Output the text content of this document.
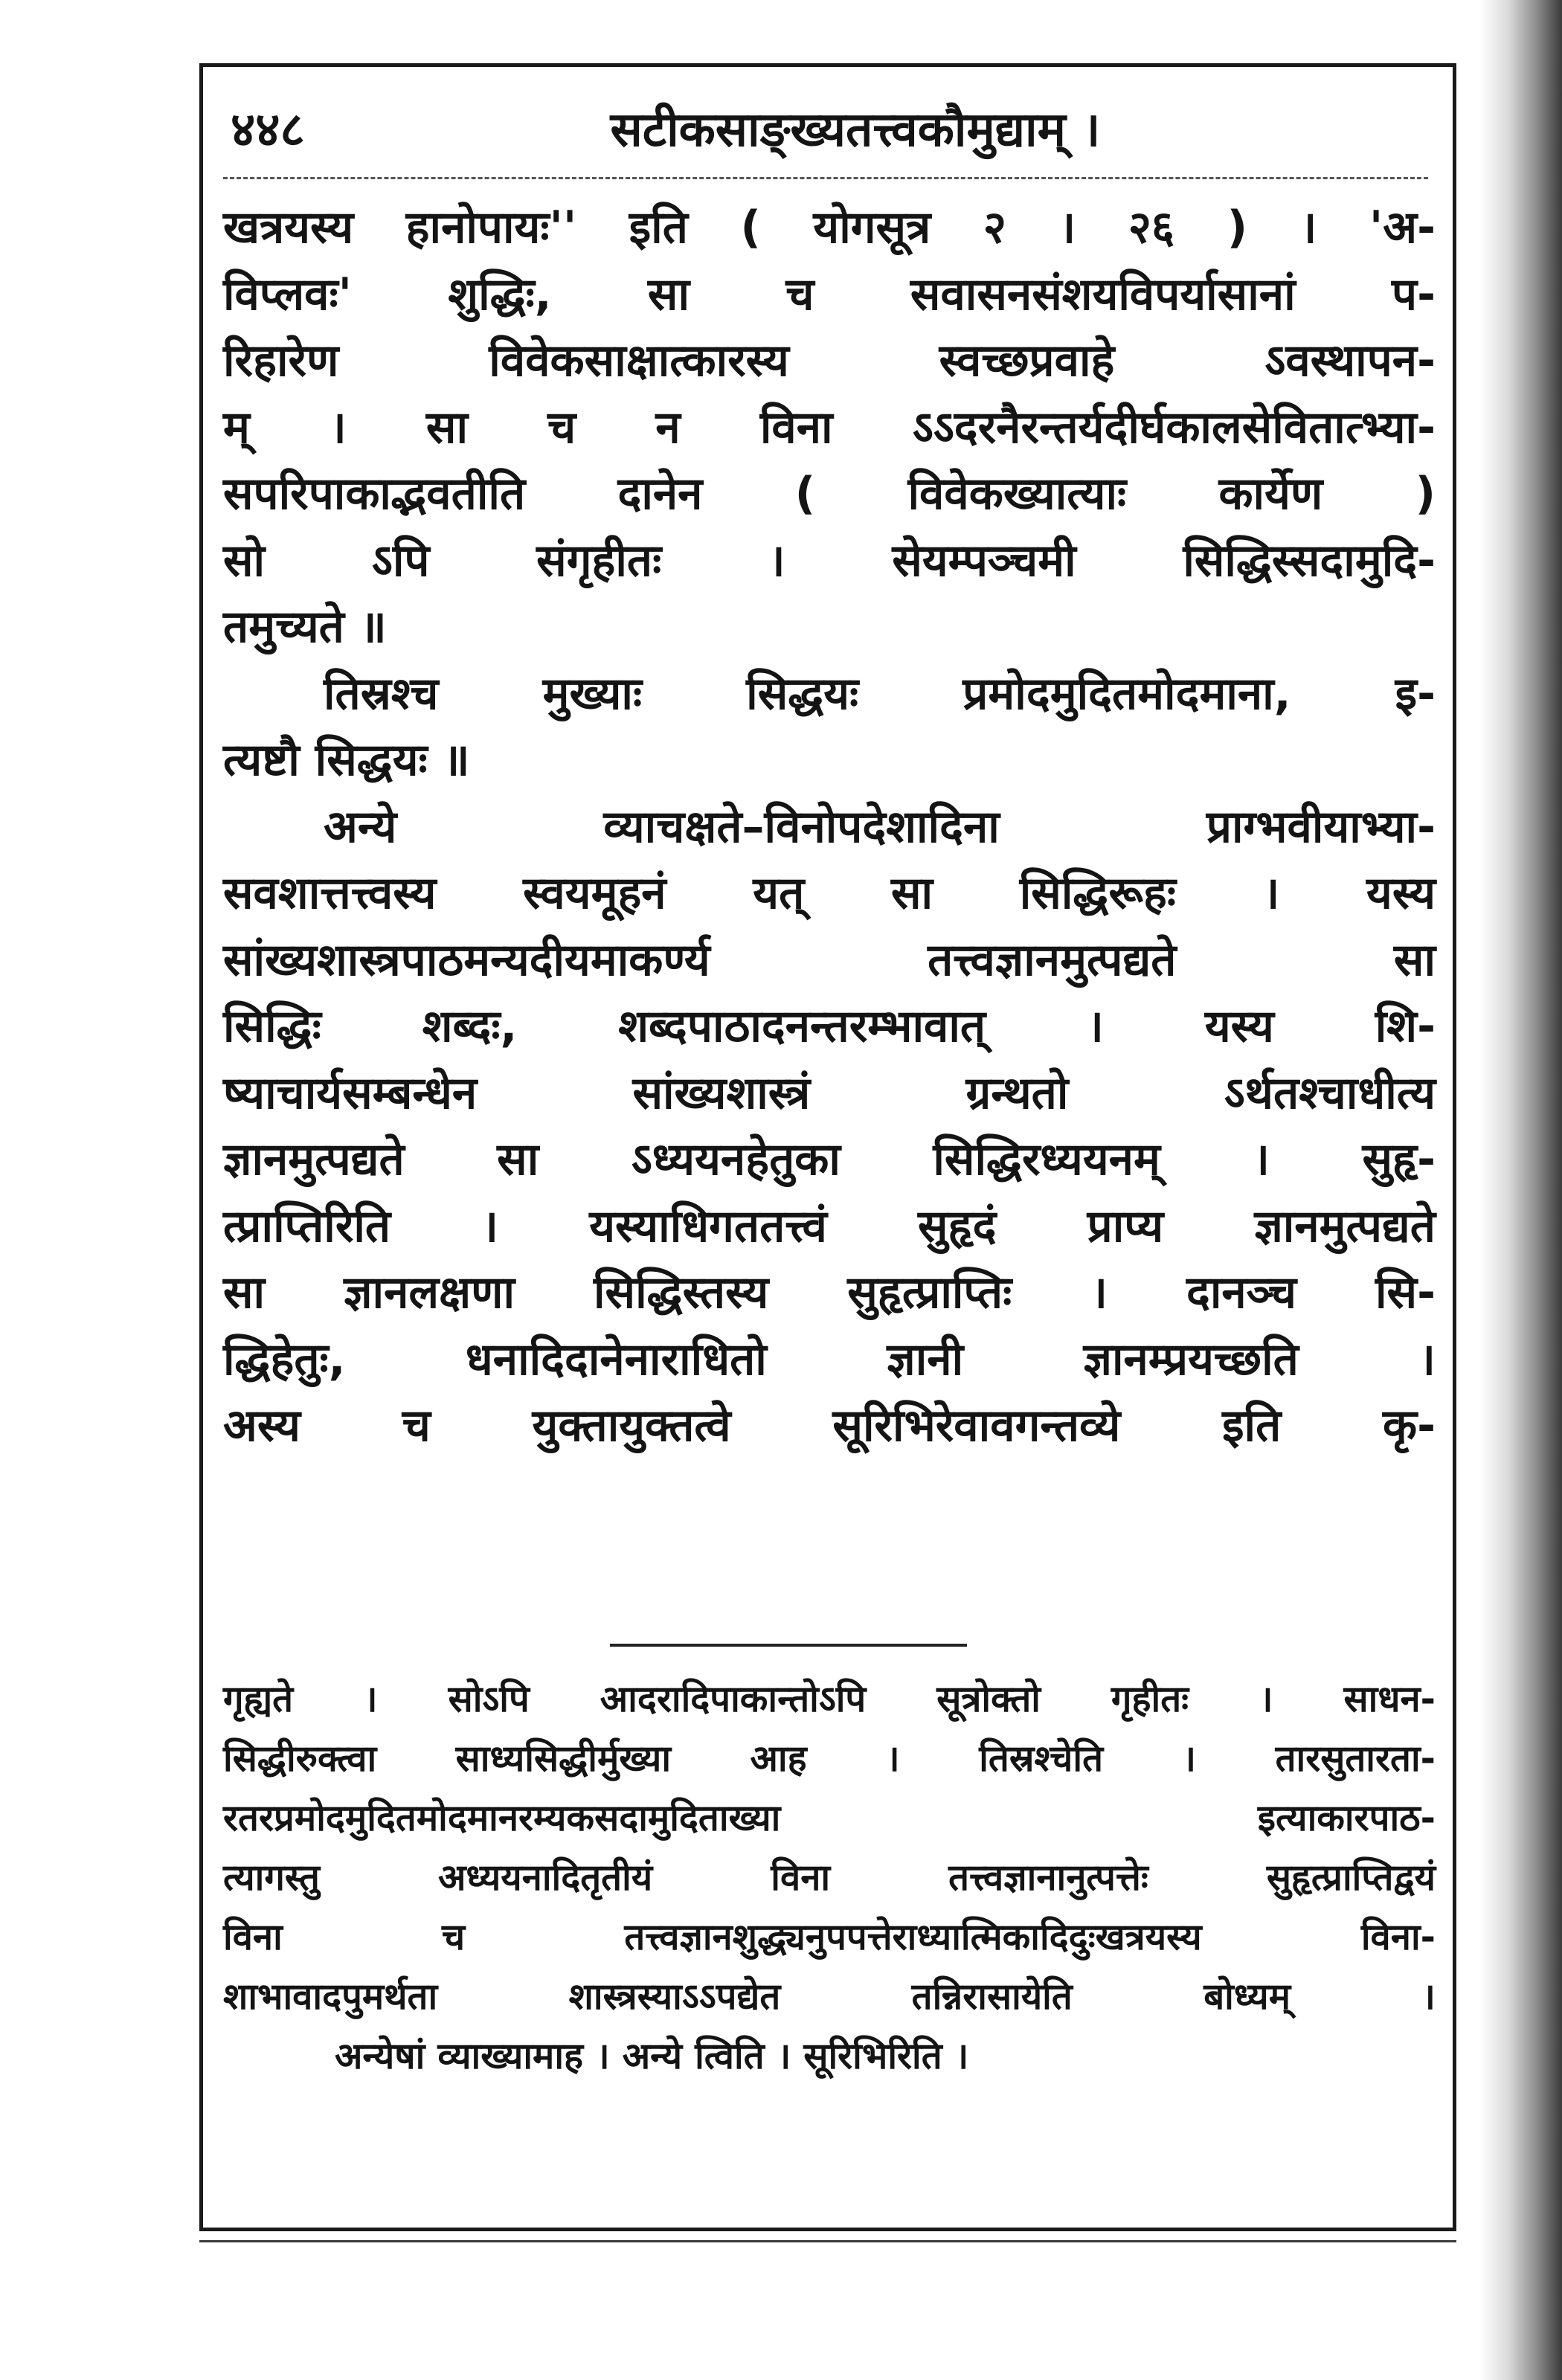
४४८	सटीकसाङ्ख्यतत्त्वकौमुद्याम् ।

खत्रयस्य हानोपायः'' इति ( योगसूत्र २ । २६ ) । 'अ-

विप्लवः' शुद्धिः, सा च सवासनसंशयविपर्यासानां प-

रिहारेण विवेकसाक्षात्कारस्य स्वच्छप्रवाहे ऽवस्थापन-

म् । सा च न विना ऽऽदरनैरन्तर्यदीर्घकालसेवितात्भ्या-

सपरिपाकाद्भवतीति दानेन ( विवेकख्यात्याः कार्येण )

सो ऽपि संगृहीतः । सेयम्पञ्चमी सिद्धिस्सदामुदि-

तमुच्यते ॥

तिस्रश्च मुख्याः सिद्धयः प्रमोदमुदितमोदमाना, इ-

त्यष्टौ सिद्धयः ॥

अन्ये व्याचक्षते–विनोपदेशादिना प्राग्भवीयाभ्या-

सवशात्तत्त्वस्य स्वयमूहनं यत् सा सिद्धिरूहः । यस्य

सांख्यशास्त्रपाठमन्यदीयमाकर्ण्य तत्त्वज्ञानमुत्पद्यते सा

सिद्धिः शब्दः, शब्दपाठादनन्तरम्भावात् । यस्य शि-

ष्याचार्यसम्बन्धेन सांख्यशास्त्रं ग्रन्थतो ऽर्थतश्चाधीत्य

ज्ञानमुत्पद्यते सा ऽध्ययनहेतुका सिद्धिरध्ययनम् । सुहृ-

त्प्राप्तिरिति । यस्याधिगततत्त्वं सुहृदं प्राप्य ज्ञानमुत्पद्यते

सा ज्ञानलक्षणा सिद्धिस्तस्य सुहृत्प्राप्तिः । दानञ्च सि-

द्धिहेतुः, धनादिदानेनाराधितो ज्ञानी ज्ञानम्प्रयच्छति ।

अस्य च युक्तायुक्तत्वे सूरिभिरेवावगन्तव्ये इति कृ-

गृह्यते । सोऽपि आदरादिपाकान्तोऽपि सूत्रोक्तो गृहीतः । साधन-

सिद्धीरुक्त्वा साध्यसिद्धीर्मुख्या आह । तिस्रश्चेति । तारसुतारता-

रतरप्रमोदमुदितमोदमानरम्यकसदामुदिताख्या इत्याकारपाठ-

त्यागस्तु अध्ययनादितृतीयं विना तत्त्वज्ञानानुत्पत्तेः सुहृत्प्राप्तिद्वयं

विना च तत्त्वज्ञानशुद्ध्यनुपपत्तेराध्यात्मिकादिदुःखत्रयस्य विना-

शाभावादपुमर्थता शास्त्रस्याऽऽपद्येत तन्निरासायेति बोध्यम् ।

अन्येषां व्याख्यामाह । अन्ये त्विति । सूरिभिरिति ।
